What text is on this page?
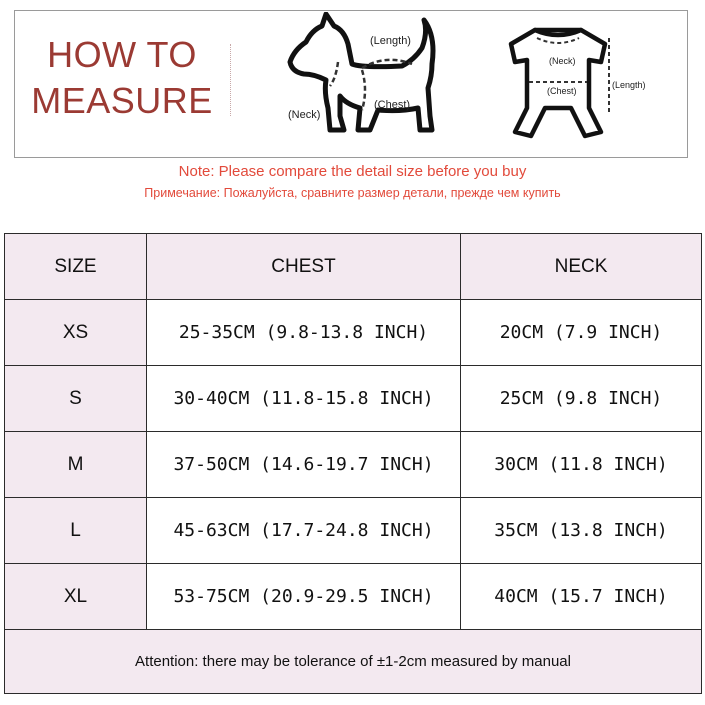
HOW TO
MEASURE
(Length)
(Neck)
(Chest)
(Neck)
(Chest)
(Length)
Note: Please compare the detail size before you buy
Примечание: Пожалуйста, сравните размер детали, прежде чем купить
SIZE	CHEST	NECK
XS	25-35CM (9.8-13.8 INCH)	20CM (7.9 INCH)
S	30-40CM (11.8-15.8 INCH)	25CM (9.8 INCH)
M	37-50CM (14.6-19.7 INCH)	30CM (11.8 INCH)
L	45-63CM (17.7-24.8 INCH)	35CM (13.8 INCH)
XL	53-75CM (20.9-29.5 INCH)	40CM (15.7 INCH)
Attention: there may be tolerance of ±1-2cm measured by manual		
